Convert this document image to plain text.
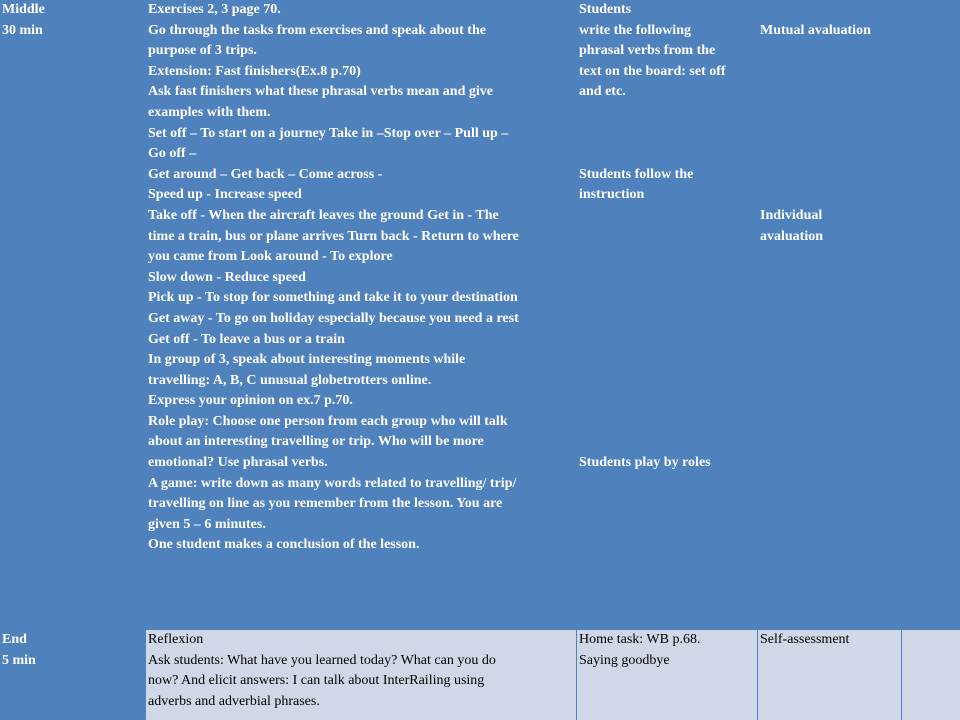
Middle
30 min
Exercises 2, 3 page 70.
Go through the tasks from exercises and speak about the
purpose of 3 trips.
Extension: Fast finishers(Ex.8 p.70)
Ask fast finishers what these phrasal verbs mean and give
examples with them.
Set off – To start on a journey Take in –Stop over – Pull up –
Go off –
Get around – Get back – Come across -
Speed up - Increase speed
Take off - When the aircraft leaves the ground Get in - The
time a train, bus or plane arrives Turn back - Return to where
you came from Look around - To explore
Slow down - Reduce speed
Pick up - To stop for something and take it to your destination
Get away - To go on holiday especially because you need a rest
Get off - To leave a bus or a train
In group of 3, speak about interesting moments while
travelling: A, B, C unusual globetrotters online.
Express your opinion on ex.7 p.70.
Role play: Choose one person from each group who will talk
about an interesting travelling or trip. Who will be more
emotional? Use phrasal verbs.
A game: write down as many words related to travelling/ trip/
travelling on line as you remember from the lesson. You are
given 5 – 6 minutes.
One student makes a conclusion of the lesson.
Students
write the following
phrasal verbs from the
text on the board: set off
and etc.
Students follow the
instruction
Students play by roles
Mutual avaluation
Individual
avaluation
End
5 min
Reflexion
Ask students: What have you learned today? What can you do
now? And elicit answers: I can talk about InterRailing using
adverbs and adverbial phrases.
Home task: WB p.68.
Saying goodbye
Self-assessment
